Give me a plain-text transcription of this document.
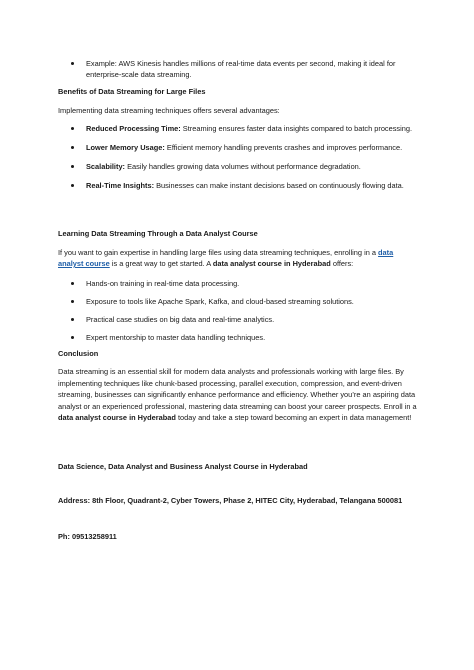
Example: AWS Kinesis handles millions of real-time data events per second, making it ideal for enterprise-scale data streaming.
Benefits of Data Streaming for Large Files
Implementing data streaming techniques offers several advantages:
Reduced Processing Time: Streaming ensures faster data insights compared to batch processing.
Lower Memory Usage: Efficient memory handling prevents crashes and improves performance.
Scalability: Easily handles growing data volumes without performance degradation.
Real-Time Insights: Businesses can make instant decisions based on continuously flowing data.
Learning Data Streaming Through a Data Analyst Course
If you want to gain expertise in handling large files using data streaming techniques, enrolling in a data analyst course is a great way to get started. A data analyst course in Hyderabad offers:
Hands-on training in real-time data processing.
Exposure to tools like Apache Spark, Kafka, and cloud-based streaming solutions.
Practical case studies on big data and real-time analytics.
Expert mentorship to master data handling techniques.
Conclusion
Data streaming is an essential skill for modern data analysts and professionals working with large files. By implementing techniques like chunk-based processing, parallel execution, compression, and event-driven streaming, businesses can significantly enhance performance and efficiency. Whether you’re an aspiring data analyst or an experienced professional, mastering data streaming can boost your career prospects. Enroll in a data analyst course in Hyderabad today and take a step toward becoming an expert in data management!
Data Science, Data Analyst and Business Analyst Course in Hyderabad
Address: 8th Floor, Quadrant-2, Cyber Towers, Phase 2, HITEC City, Hyderabad, Telangana 500081
Ph: 09513258911
